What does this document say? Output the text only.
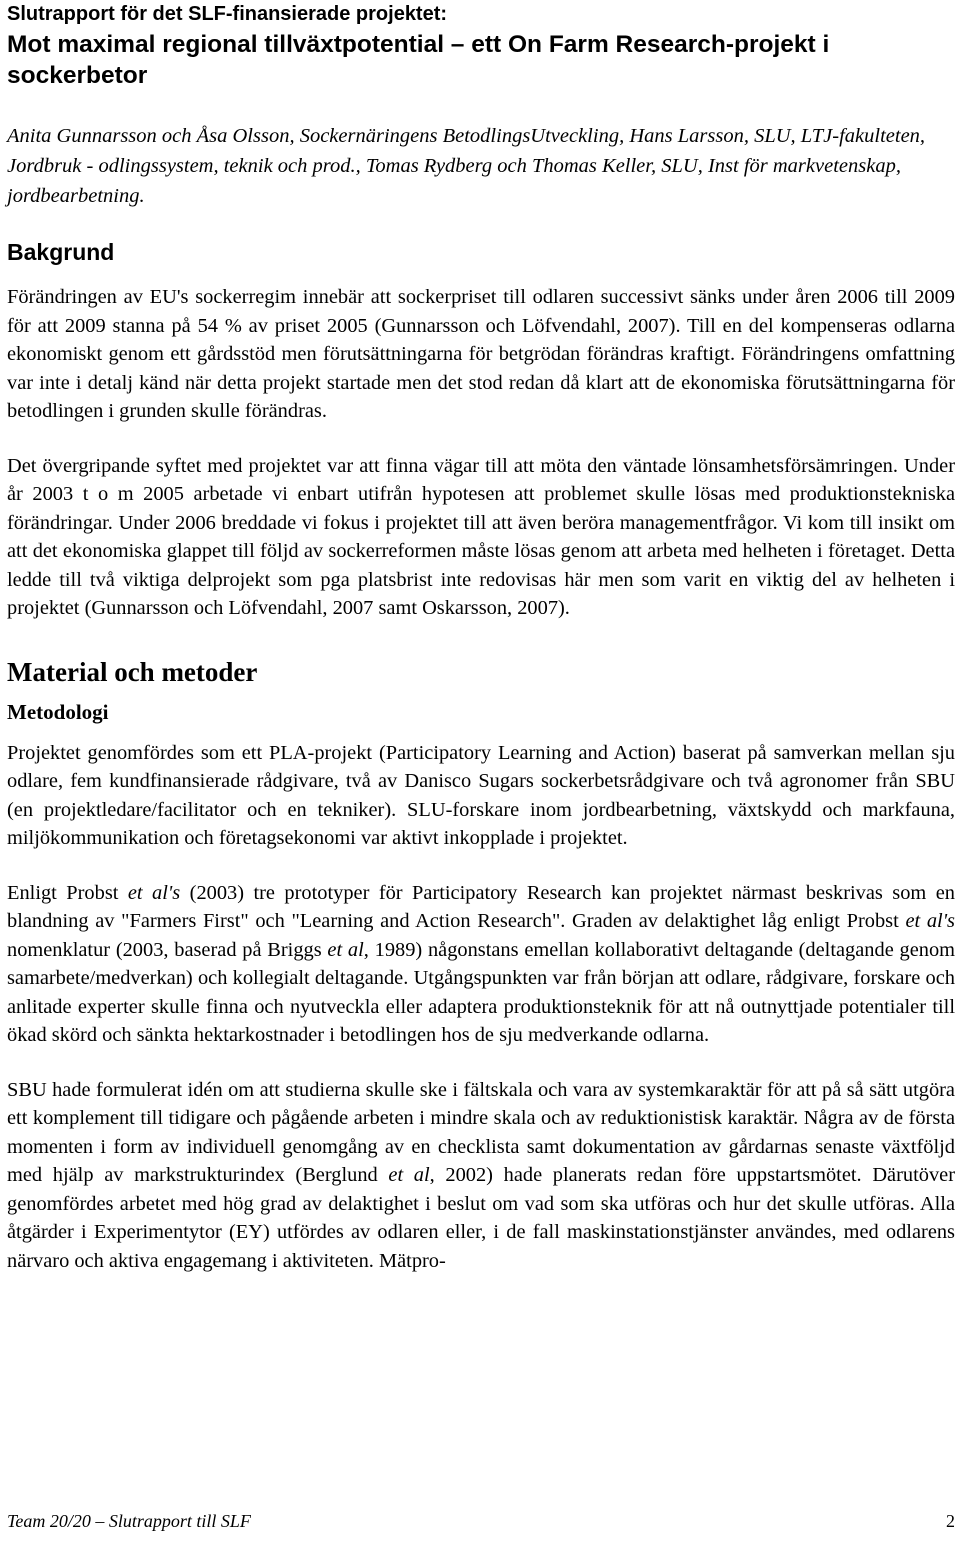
Slutrapport för det SLF-finansierade projektet:
Mot maximal regional tillväxtpotential – ett On Farm Research-projekt i sockerbetor

Anita Gunnarsson och Åsa Olsson, Sockernäringens BetodlingsUtveckling, Hans Larsson, SLU, LTJ-fakulteten, Jordbruk - odlingssystem, teknik och prod., Tomas Rydberg och Thomas Keller, SLU, Inst för markvetenskap, jordbearbetning.

Bakgrund

Förändringen av EU's sockerregim innebär att sockerpriset till odlaren successivt sänks under åren 2006 till 2009 för att 2009 stanna på 54 % av priset 2005 (Gunnarsson och Löfvendahl, 2007). Till en del kompenseras odlarna ekonomiskt genom ett gårdsstöd men förutsättningarna för betgrödan förändras kraftigt. Förändringens omfattning var inte i detalj känd när detta projekt startade men det stod redan då klart att de ekonomiska förutsättningarna för betodlingen i grunden skulle förändras.

Det övergripande syftet med projektet var att finna vägar till att möta den väntade lönsamhetsförsämringen. Under år 2003 t o m 2005 arbetade vi enbart utifrån hypotesen att problemet skulle lösas med produktionstekniska förändringar. Under 2006 breddade vi fokus i projektet till att även beröra managementfrågor. Vi kom till insikt om att det ekonomiska glappet till följd av sockerreformen måste lösas genom att arbeta med helheten i företaget. Detta ledde till två viktiga delprojekt som pga platsbrist inte redovisas här men som varit en viktig del av helheten i projektet (Gunnarsson och Löfvendahl, 2007 samt Oskarsson, 2007).

Material och metoder
Metodologi

Projektet genomfördes som ett PLA-projekt (Participatory Learning and Action) baserat på samverkan mellan sju odlare, fem kundfinansierade rådgivare, två av Danisco Sugars sockerbetsrådgivare och två agronomer från SBU (en projektledare/facilitator och en tekniker). SLU-forskare inom jordbearbetning, växtskydd och markfauna, miljökommunikation och företagsekonomi var aktivt inkopplade i projektet.

Enligt Probst et al's (2003) tre prototyper för Participatory Research kan projektet närmast beskrivas som en blandning av "Farmers First" och "Learning and Action Research". Graden av delaktighet låg enligt Probst et al's nomenklatur (2003, baserad på Briggs et al, 1989) någonstans emellan kollaborativt deltagande (deltagande genom samarbete/medverkan) och kollegialt deltagande. Utgångspunkten var från början att odlare, rådgivare, forskare och anlitade experter skulle finna och nyutveckla eller adaptera produktionsteknik för att nå outnyttjade potentialer till ökad skörd och sänkta hektarkostnader i betodlingen hos de sju medverkande odlarna.

SBU hade formulerat idén om att studierna skulle ske i fältskala och vara av systemkaraktär för att på så sätt utgöra ett komplement till tidigare och pågående arbeten i mindre skala och av reduktionistisk karaktär. Några av de första momenten i form av individuell genomgång av en checklista samt dokumentation av gårdarnas senaste växtföljd med hjälp av markstrukturindex (Berglund et al, 2002) hade planerats redan före uppstartsmötet. Därutöver genomfördes arbetet med hög grad av delaktighet i beslut om vad som ska utföras och hur det skulle utföras. Alla åtgärder i Experimentytor (EY) utfördes av odlaren eller, i de fall maskinstationstjänster användes, med odlarens närvaro och aktiva engagemang i aktiviteten. Mätpro-

Team 20/20 – Slutrapport till SLF	2
